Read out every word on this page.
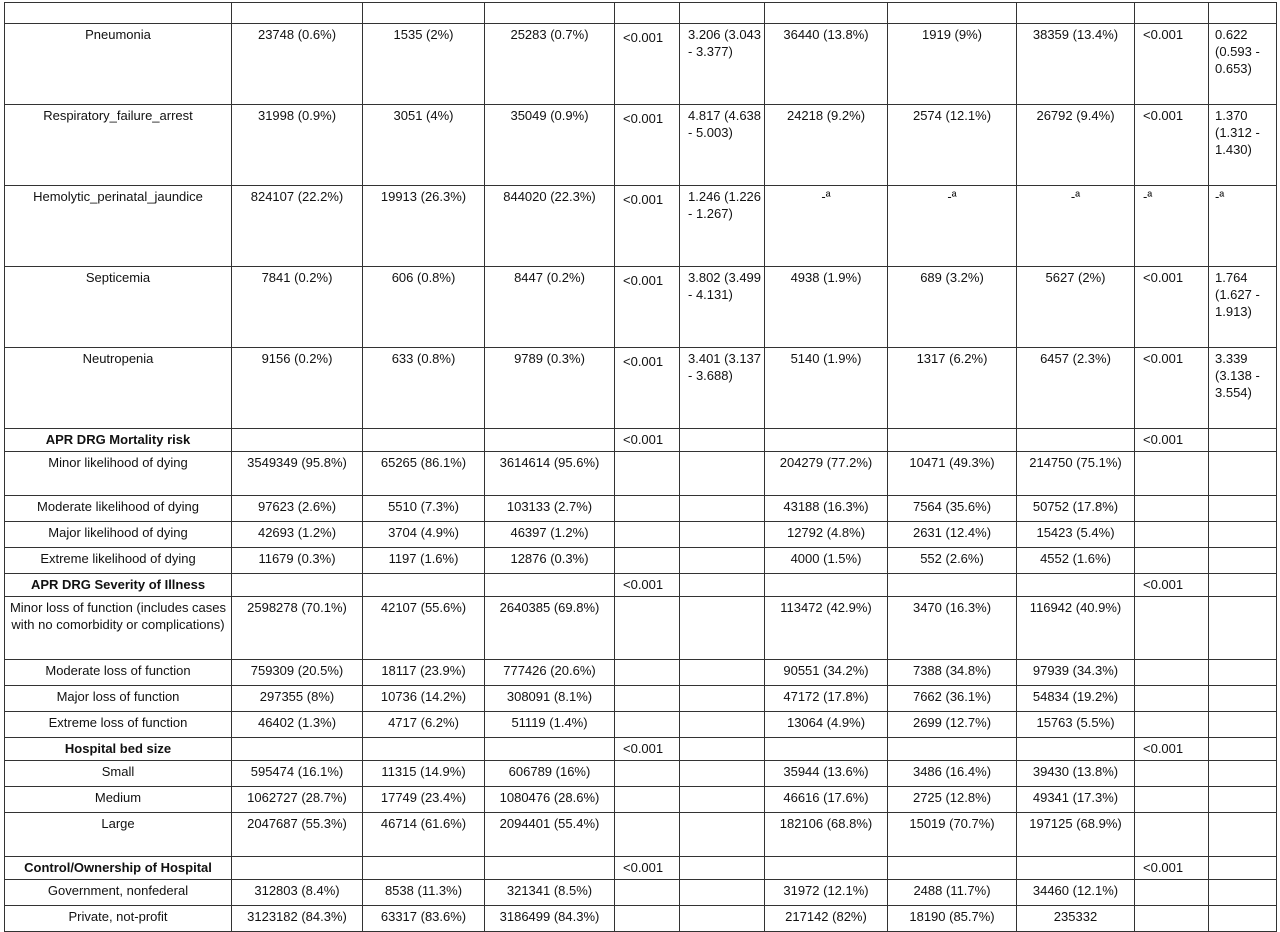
Pneumonia	23748 (0.6%)	1535 (2%)	25283 (0.7%)	<0.001	3.206 (3.043 - 3.377)	36440 (13.8%)	1919 (9%)	38359 (13.4%)	<0.001	0.622 (0.593 - 0.653)
Respiratory_failure_arrest	31998 (0.9%)	3051 (4%)	35049 (0.9%)	<0.001	4.817 (4.638 - 5.003)	24218 (9.2%)	2574 (12.1%)	26792 (9.4%)	<0.001	1.370 (1.312 - 1.430)
Hemolytic_perinatal_jaundice	824107 (22.2%)	19913 (26.3%)	844020 (22.3%)	<0.001	1.246 (1.226 - 1.267)	-ª	-ª	-ª	-ª	-ª
Septicemia	7841 (0.2%)	606 (0.8%)	8447 (0.2%)	<0.001	3.802 (3.499 - 4.131)	4938 (1.9%)	689 (3.2%)	5627 (2%)	<0.001	1.764 (1.627 - 1.913)
Neutropenia	9156 (0.2%)	633 (0.8%)	9789 (0.3%)	<0.001	3.401 (3.137 - 3.688)	5140 (1.9%)	1317 (6.2%)	6457 (2.3%)	<0.001	3.339 (3.138 - 3.554)
APR DRG Mortality risk				<0.001					<0.001	
Minor likelihood of dying	3549349 (95.8%)	65265 (86.1%)	3614614 (95.6%)			204279 (77.2%)	10471 (49.3%)	214750 (75.1%)		
Moderate likelihood of dying	97623 (2.6%)	5510 (7.3%)	103133 (2.7%)			43188 (16.3%)	7564 (35.6%)	50752 (17.8%)		
Major likelihood of dying	42693 (1.2%)	3704 (4.9%)	46397 (1.2%)			12792 (4.8%)	2631 (12.4%)	15423 (5.4%)		
Extreme likelihood of dying	11679 (0.3%)	1197 (1.6%)	12876 (0.3%)			4000 (1.5%)	552 (2.6%)	4552 (1.6%)		
APR DRG Severity of Illness				<0.001					<0.001	
Minor loss of function (includes cases with no comorbidity or complications)	2598278 (70.1%)	42107 (55.6%)	2640385 (69.8%)			113472 (42.9%)	3470 (16.3%)	116942 (40.9%)		
Moderate loss of function	759309 (20.5%)	18117 (23.9%)	777426 (20.6%)			90551 (34.2%)	7388 (34.8%)	97939 (34.3%)		
Major loss of function	297355 (8%)	10736 (14.2%)	308091 (8.1%)			47172 (17.8%)	7662 (36.1%)	54834 (19.2%)		
Extreme loss of function	46402 (1.3%)	4717 (6.2%)	51119 (1.4%)			13064 (4.9%)	2699 (12.7%)	15763 (5.5%)		
Hospital bed size				<0.001					<0.001	
Small	595474 (16.1%)	11315 (14.9%)	606789 (16%)			35944 (13.6%)	3486 (16.4%)	39430 (13.8%)		
Medium	1062727 (28.7%)	17749 (23.4%)	1080476 (28.6%)			46616 (17.6%)	2725 (12.8%)	49341 (17.3%)		
Large	2047687 (55.3%)	46714 (61.6%)	2094401 (55.4%)			182106 (68.8%)	15019 (70.7%)	197125 (68.9%)		
Control/Ownership of Hospital				<0.001					<0.001	
Government, nonfederal	312803 (8.4%)	8538 (11.3%)	321341 (8.5%)			31972 (12.1%)	2488 (11.7%)	34460 (12.1%)		
Private, not-profit	3123182 (84.3%)	63317 (83.6%)	3186499 (84.3%)			217142 (82%)	18190 (85.7%)	235332		
